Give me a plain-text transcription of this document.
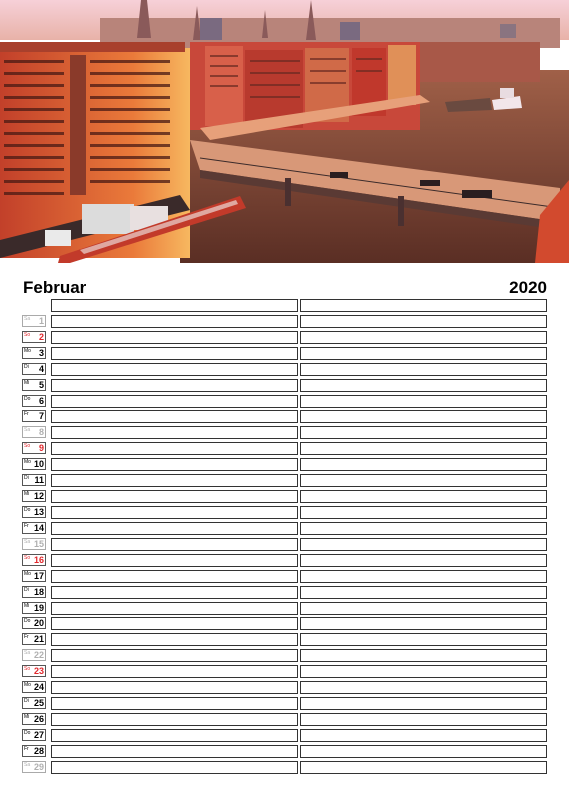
Februar	2020
Sa 1
So 2
Mo 3
Di 4
Mi 5
Do 6
Fr 7
Sa 8
So 9
Mo 10
Di 11
Mi 12
Do 13
Fr 14
Sa 15
So 16
Mo 17
Di 18
Mi 19
Do 20
Fr 21
Sa 22
So 23
Mo 24
Di 25
Mi 26
Do 27
Fr 28
Sa 29
